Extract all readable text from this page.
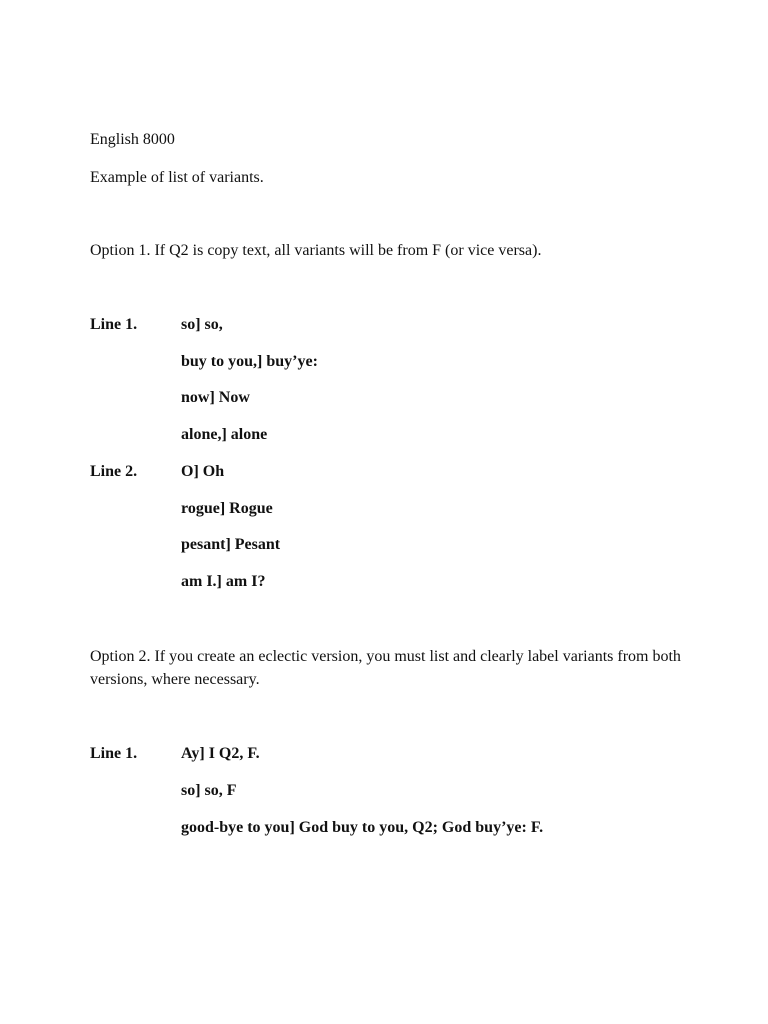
English 8000
Example of list of variants.
Option 1. If Q2 is copy text, all variants will be from F (or vice versa).
Line 1.	so] so,
buy to you,] buy’ye:
now] Now
alone,] alone
Line 2.	O] Oh
rogue] Rogue
pesant] Pesant
am I.] am I?
Option 2. If you create an eclectic version, you must list and clearly label variants from both versions, where necessary.
Line 1.	Ay] I Q2, F.
so] so, F
good-bye to you] God buy to you, Q2; God buy’ye: F.
